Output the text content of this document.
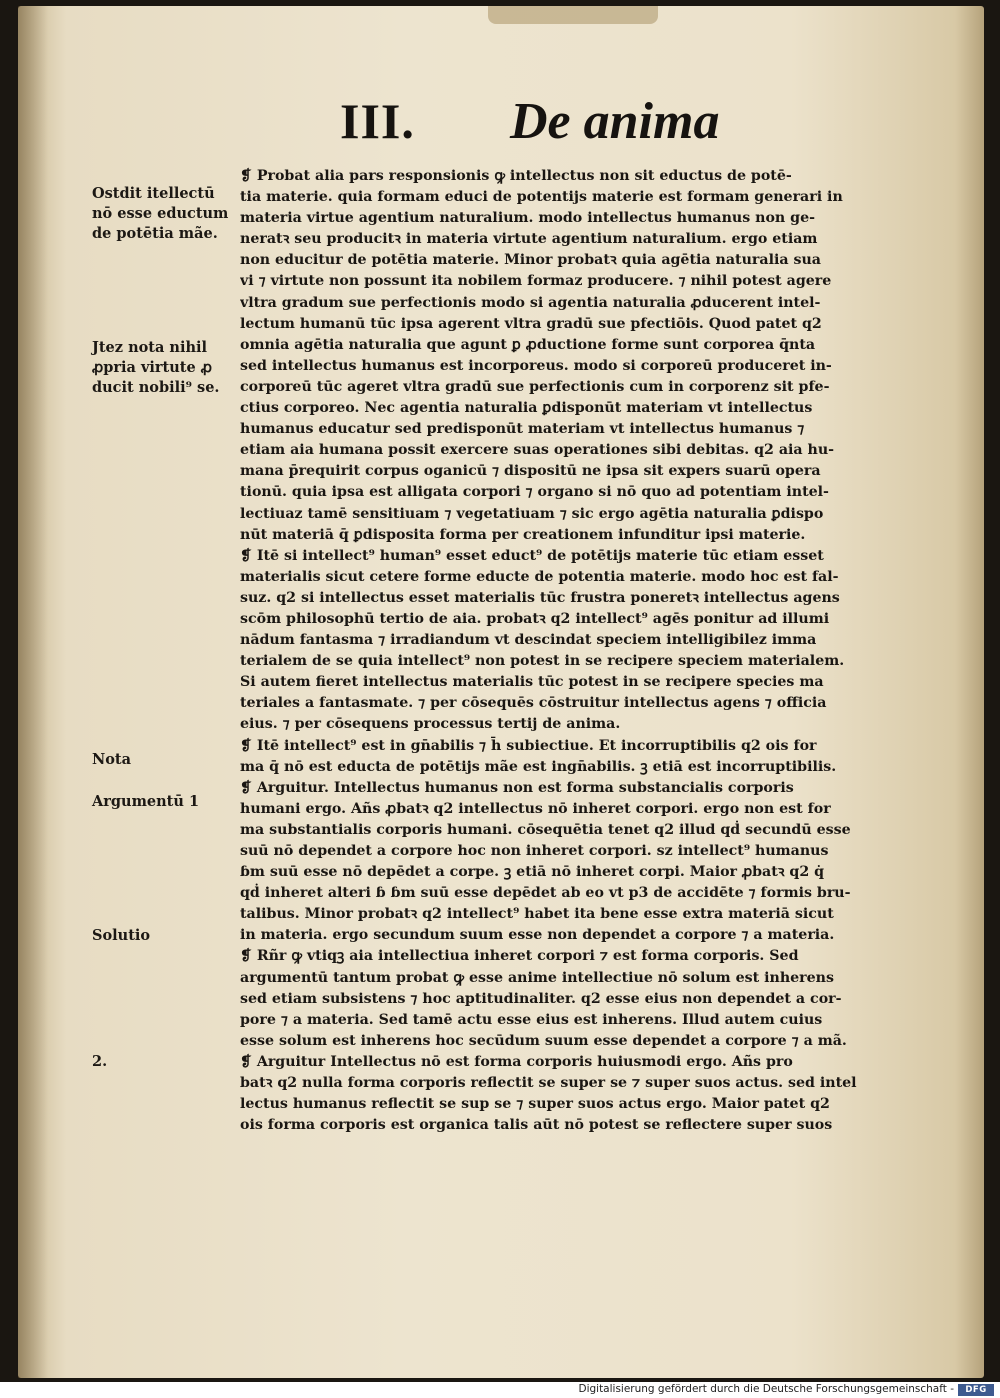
III. De anima
Ostdit itellectū
nō esse eductum
de potētia mãe.
Jtez nota nihil
ꝓpria virtute ꝓ
ducit nobili⁹ se.
Nota
Argumentū 1
Solutio
2.
❡ Probat alia pars responsionis ꝙ intellectus non sit eductus de potē-
tia materie. quia formam educi de potentijs materie est formam generari in
materia virtue agentium naturalium. modo intellectus humanus non ge-
neratꝛ seu producitꝛ in materia virtute agentium naturalium. ergo etiam
non educitur de potētia materie. Minor probatꝛ quia agētia naturalia sua
vi ⁊ virtute non possunt ita nobilem formaz producere. ⁊ nihil potest agere
vltra gradum sue perfectionis modo si agentia naturalia ꝓducerent intel-
lectum humanū tūc ipsa agerent vltra gradū sue pfectiōis. Quod patet q2
omnia agētia naturalia que agunt ꝑ ꝓductione forme sunt corporea q̄nta
sed intellectus humanus est incorporeus. modo si corporeū produceret in-
corporeū tūc ageret vltra gradū sue perfectionis cum in corporenz sit pfe-
ctius corporeo. Nec agentia naturalia ꝑdisponūt materiam vt intellectus
humanus educatur sed predisponūt materiam vt intellectus humanus ⁊
etiam aia humana possit exercere suas operationes sibi debitas. q2 aia hu-
mana p̄requirit corpus oganicū ⁊ dispositū ne ipsa sit expers suarū opera
tionū. quia ipsa est alligata corpori ⁊ organo si nō quo ad potentiam intel-
lectiuaz tamē sensitiuam ⁊ vegetatiuam ⁊ sic ergo agētia naturalia ꝑdispo
nūt materiā q̄ ꝑdisposita forma per creationem infunditur ipsi materie.
❡ Itē si intellect⁹ human⁹ esset educt⁹ de potētijs materie tūc etiam esset
materialis sicut cetere forme educte de potentia materie. modo hoc est fal-
suz. q2 si intellectus esset materialis tūc frustra poneretꝛ intellectus agens
scōm philosophū tertio de aia. probatꝛ q2 intellect⁹ agēs ponitur ad illumi
nādum fantasma ⁊ irradiandum vt descindat speciem intelligibilez imma
terialem de se quia intellect⁹ non potest in se recipere speciem materialem.
Si autem fieret intellectus materialis tūc potest in se recipere species ma
teriales a fantasmate. ⁊ per cōsequēs cōstruitur intellectus agens ⁊ officia
eius. ⁊ per cōsequens processus tertij de anima.
❡ Itē intellect⁹ est in gn̄abilis ⁊ h̄ subiectiue. Et incorruptibilis q2 ois for
ma q̄ nō est educta de potētijs mãe est ingn̄abilis. ꝫ etiā est incorruptibilis.
❡ Arguitur. Intellectus humanus non est forma substancialis corporis
humani ergo. Añs ꝓbatꝛ q2 intellectus nō inheret corpori. ergo non est for
ma substantialis corporis humani. cōsequētia tenet q2 illud qḋ secundū esse
suū nō dependet a corpore hoc non inheret corpori. sz intellect⁹ humanus
ɓm suū esse nō depēdet a corpe. ꝫ etiā nō inheret corpi. Maior ꝓbatꝛ q2 q̇
qḋ inheret alteri ɓ ɓm suū esse depēdet ab eo vt p3 de accidēte ⁊ formis bru-
talibus. Minor probatꝛ q2 intellect⁹ habet ita bene esse extra materiā sicut
in materia. ergo secundum suum esse non dependet a corpore ⁊ a materia.
❡ Rñr ꝙ vtiqꝫ aia intellectiua inheret corpori ⁊ est forma corporis. Sed
argumentū tantum probat ꝙ esse anime intellectiue nō solum est inherens
sed etiam subsistens ⁊ hoc aptitudinaliter. q2 esse eius non dependet a cor-
pore ⁊ a materia. Sed tamē actu esse eius est inherens. Illud autem cuius
esse solum est inherens hoc secūdum suum esse dependet a corpore ⁊ a mã.
❡ Arguitur Intellectus nō est forma corporis huiusmodi ergo. Añs pro
batꝛ q2 nulla forma corporis reflectit se super se ⁊ super suos actus. sed intel
lectus humanus reflectit se sup se ⁊ super suos actus ergo. Maior patet q2
ois forma corporis est organica talis aūt nō potest se reflectere super suos
Digitalisierung gefördert durch die Deutsche Forschungsgemeinschaft -	DFG
